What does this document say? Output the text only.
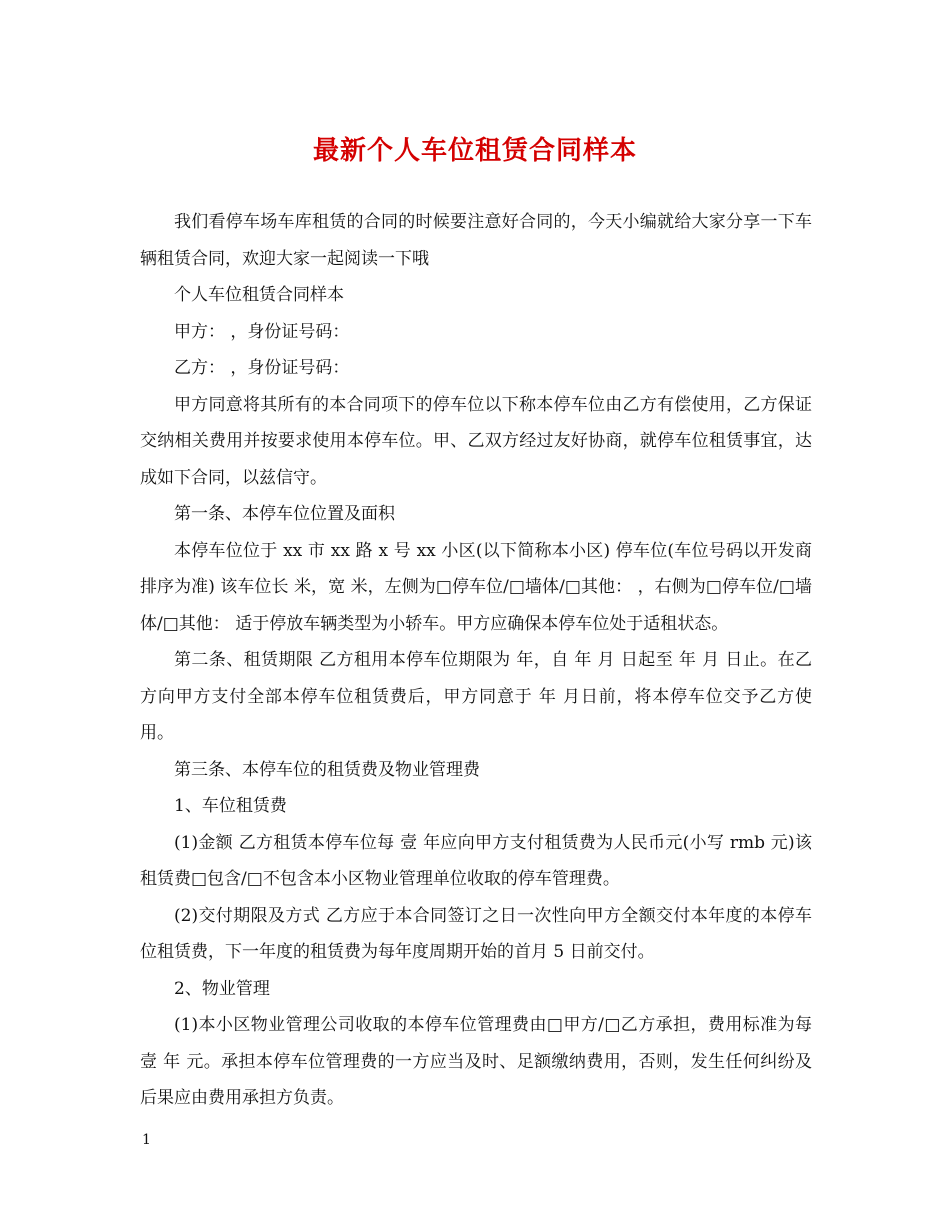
最新个人车位租赁合同样本

我们看停车场车库租赁的合同的时候要注意好合同的，今天小编就给大家分享一下车辆租赁合同，欢迎大家一起阅读一下哦

个人车位租赁合同样本

甲方： ，身份证号码：

乙方： ，身份证号码：

甲方同意将其所有的本合同项下的停车位以下称本停车位由乙方有偿使用，乙方保证交纳相关费用并按要求使用本停车位。甲、乙双方经过友好协商，就停车位租赁事宜，达成如下合同，以兹信守。

第一条、本停车位位置及面积

本停车位位于 xx 市 xx 路 x 号 xx 小区(以下简称本小区) 停车位(车位号码以开发商排序为准) 该车位长 米，宽 米，左侧为□停车位/□墙体/□其他： ，右侧为□停车位/□墙体/□其他： 适于停放车辆类型为小轿车。甲方应确保本停车位处于适租状态。

第二条、租赁期限 乙方租用本停车位期限为 年，自 年 月 日起至 年 月 日止。在乙方向甲方支付全部本停车位租赁费后，甲方同意于 年 月日前，将本停车位交予乙方使用。

第三条、本停车位的租赁费及物业管理费

1、车位租赁费

(1)金额 乙方租赁本停车位每 壹 年应向甲方支付租赁费为人民币元(小写 rmb 元)该租赁费□包含/□不包含本小区物业管理单位收取的停车管理费。

(2)交付期限及方式 乙方应于本合同签订之日一次性向甲方全额交付本年度的本停车位租赁费，下一年度的租赁费为每年度周期开始的首月 5 日前交付。

2、物业管理

(1)本小区物业管理公司收取的本停车位管理费由□甲方/□乙方承担，费用标准为每 壹 年 元。承担本停车位管理费的一方应当及时、足额缴纳费用，否则，发生任何纠纷及后果应由费用承担方负责。

1
